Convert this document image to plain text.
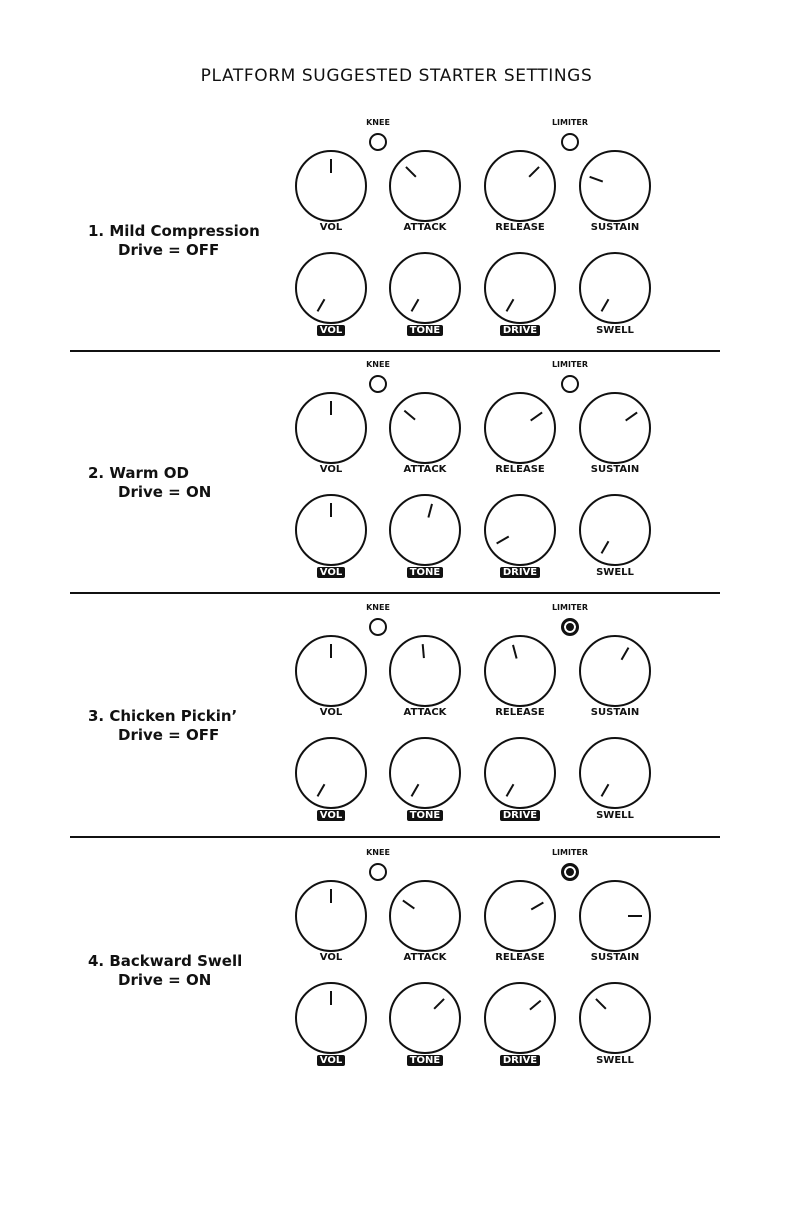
PLATFORM SUGGESTED STARTER SETTINGS
1. Mild Compression
Drive = OFF
KNEE	LIMITER
VOL	ATTACK	RELEASE	SUSTAIN
VOL	TONE	DRIVE	SWELL
2. Warm OD
Drive = ON
KNEE	LIMITER
VOL	ATTACK	RELEASE	SUSTAIN
VOL	TONE	DRIVE	SWELL
3. Chicken Pickin’
Drive = OFF
KNEE	LIMITER
VOL	ATTACK	RELEASE	SUSTAIN
VOL	TONE	DRIVE	SWELL
4. Backward Swell
Drive = ON
KNEE	LIMITER
VOL	ATTACK	RELEASE	SUSTAIN
VOL	TONE	DRIVE	SWELL
